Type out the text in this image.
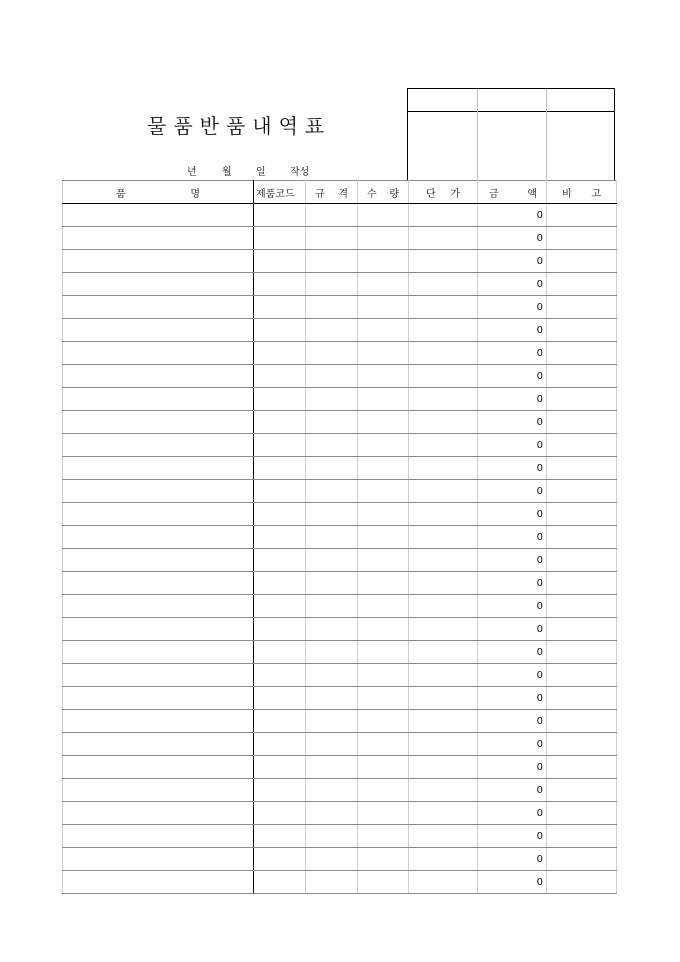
물품반품내역표
년	월 일 작성
품 명	제품코드	규 격	수 량	단 가	금 액	비 고

					0	
					0	
					0	
					0	
					0	
					0	
					0	
					0	
					0	
					0	
					0	
					0	
					0	
					0	
					0	
					0	
					0	
					0	
					0	
					0	
					0	
					0	
					0	
					0	
					0	
					0	
					0	
					0	
					0	
					0	
